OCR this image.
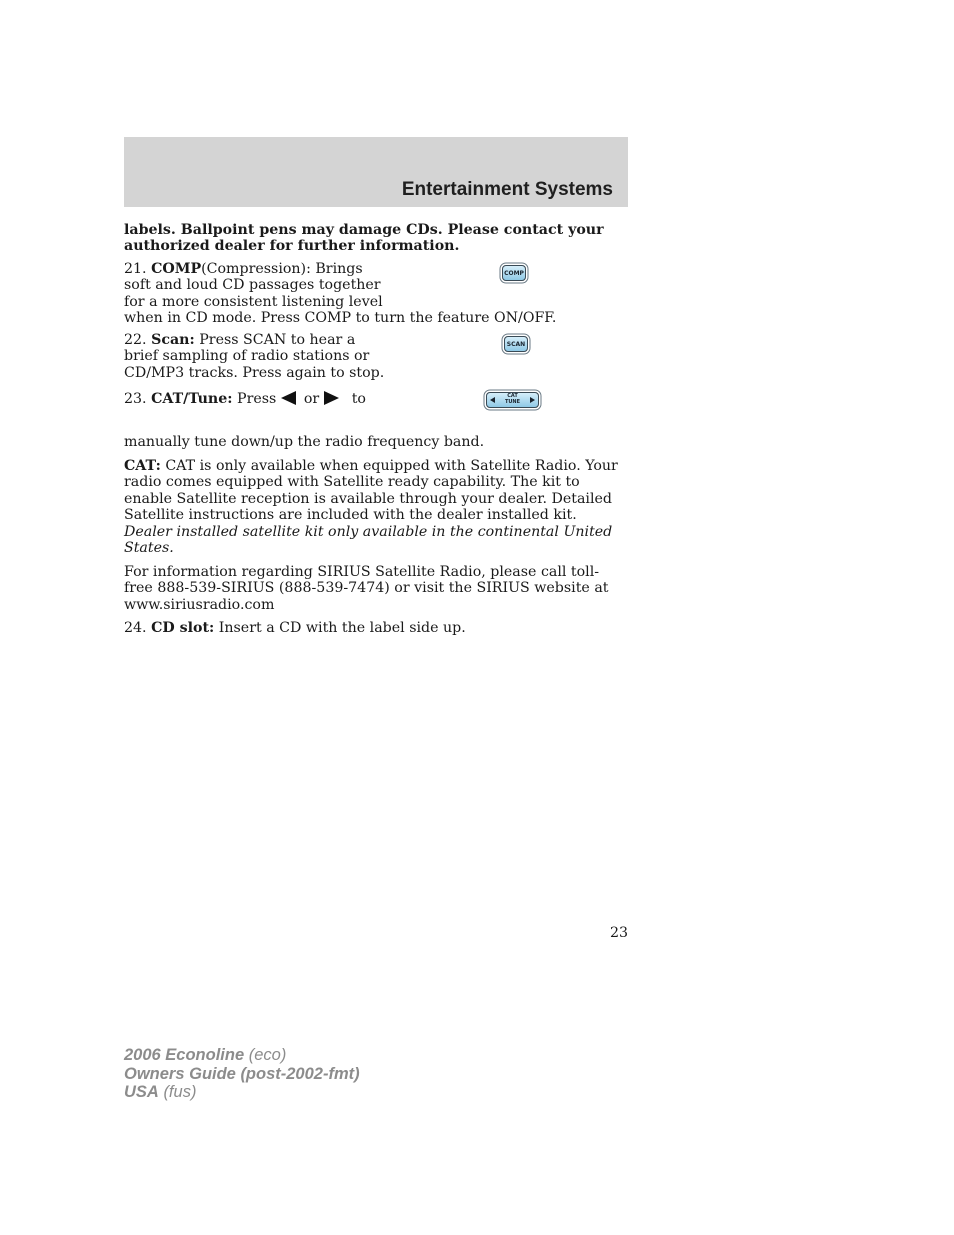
Entertainment Systems
labels. Ballpoint pens may damage CDs. Please contact your authorized dealer for further information.
21. COMP(Compression): Brings
soft and loud CD passages together
for a more consistent listening level
when in CD mode. Press COMP to turn the feature ON/OFF.
COMP
22. Scan: Press SCAN to hear a
brief sampling of radio stations or
CD/MP3 tracks. Press again to stop.
SCAN
23. CAT/Tune: Press or to	CAT
TUNE
manually tune down/up the radio frequency band.
CAT: CAT is only available when equipped with Satellite Radio. Your radio comes equipped with Satellite ready capability. The kit to enable Satellite reception is available through your dealer. Detailed Satellite instructions are included with the dealer installed kit.
Dealer installed satellite kit only available in the continental United States.
For information regarding SIRIUS Satellite Radio, please call toll-free 888-539-SIRIUS (888-539-7474) or visit the SIRIUS website at www.siriusradio.com
24. CD slot: Insert a CD with the label side up.
23
2006 Econoline (eco)
Owners Guide (post-2002-fmt)
USA (fus)
